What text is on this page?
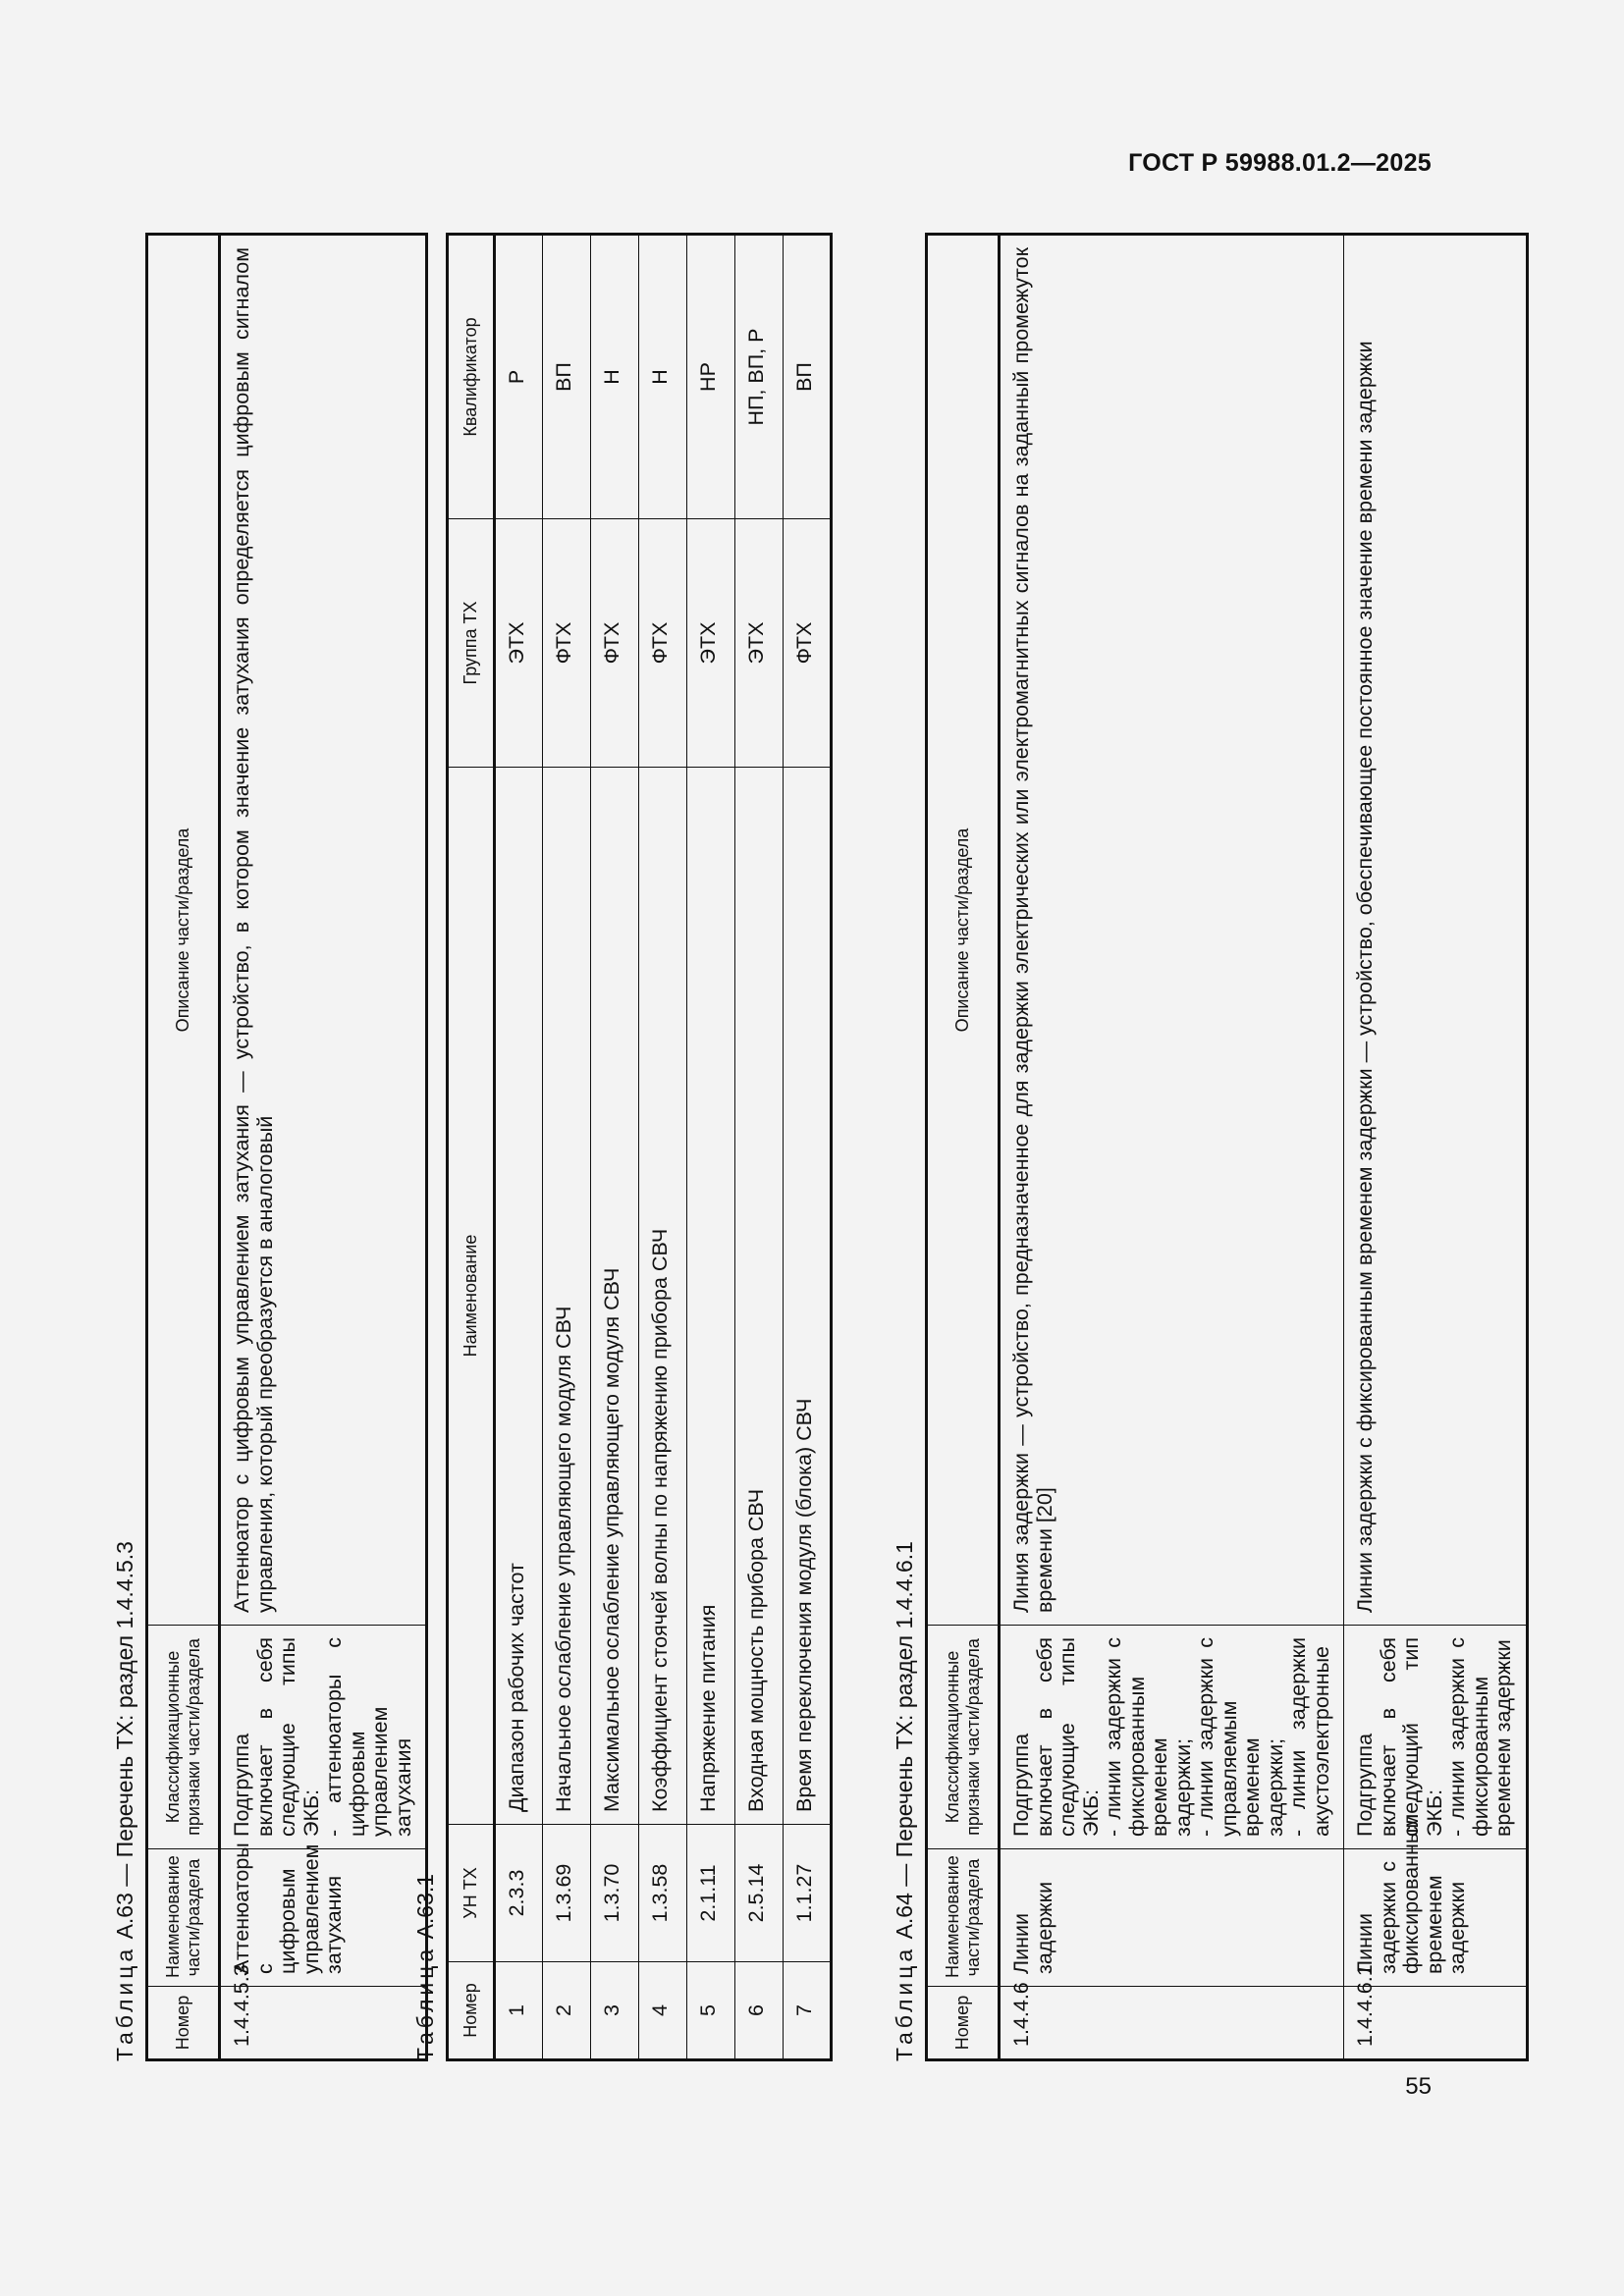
ГОСТ Р 59988.01.2—2025
55
Таблица А.63 — Перечень ТХ: раздел 1.4.4.5.3
Номер	Наименование части/раздела	Классификационные признаки части/раздела	Описание части/раздела
1.4.4.5.3	Аттенюаторы с цифровым управлением затухания	Подгруппа включает в себя следующие типы ЭКБ: - аттенюаторы с цифровым управлением затухания	Аттенюатор с цифровым управлением затухания — устройство, в котором значение затухания определяется цифровым сигналом управления, который преобразуется в аналоговый
Таблица А.63.1
Номер	УН ТХ	Наименование	Группа ТХ	Квалификатор
1	2.3.3	Диапазон рабочих частот	ЭТХ	Р
2	1.3.69	Начальное ослабление управляющего модуля СВЧ	ФТХ	ВП
3	1.3.70	Максимальное ослабление управляющего модуля СВЧ	ФТХ	Н
4	1.3.58	Коэффициент стоячей волны по напряжению прибора СВЧ	ФТХ	Н
5	2.1.11	Напряжение питания	ЭТХ	НР
6	2.5.14	Входная мощность прибора СВЧ	ЭТХ	НП, ВП, Р
7	1.1.27	Время переключения модуля (блока) СВЧ	ФТХ	ВП
Таблица А.64 — Перечень ТХ: раздел 1.4.4.6.1
Номер	Наименование части/раздела	Классификационные признаки части/раздела	Описание части/раздела
1.4.4.6	Линии задержки	Подгруппа включает в себя следующие типы ЭКБ: - линии задержки с фиксированным временем задержки; - линии задержки с управляемым временем задержки; - линии задержки акустоэлектронные	Линия задержки — устройство, предназначенное для задержки электрических или электромагнитных сигналов на заданный промежуток времени [20]
1.4.4.6.1	Линии задержки с фиксированным временем задержки	Подгруппа включает в себя следующий тип ЭКБ: - линии задержки с фиксированным временем задержки	Линии задержки с фиксированным временем задержки — устройство, обеспечивающее постоянное значение времени задержки
